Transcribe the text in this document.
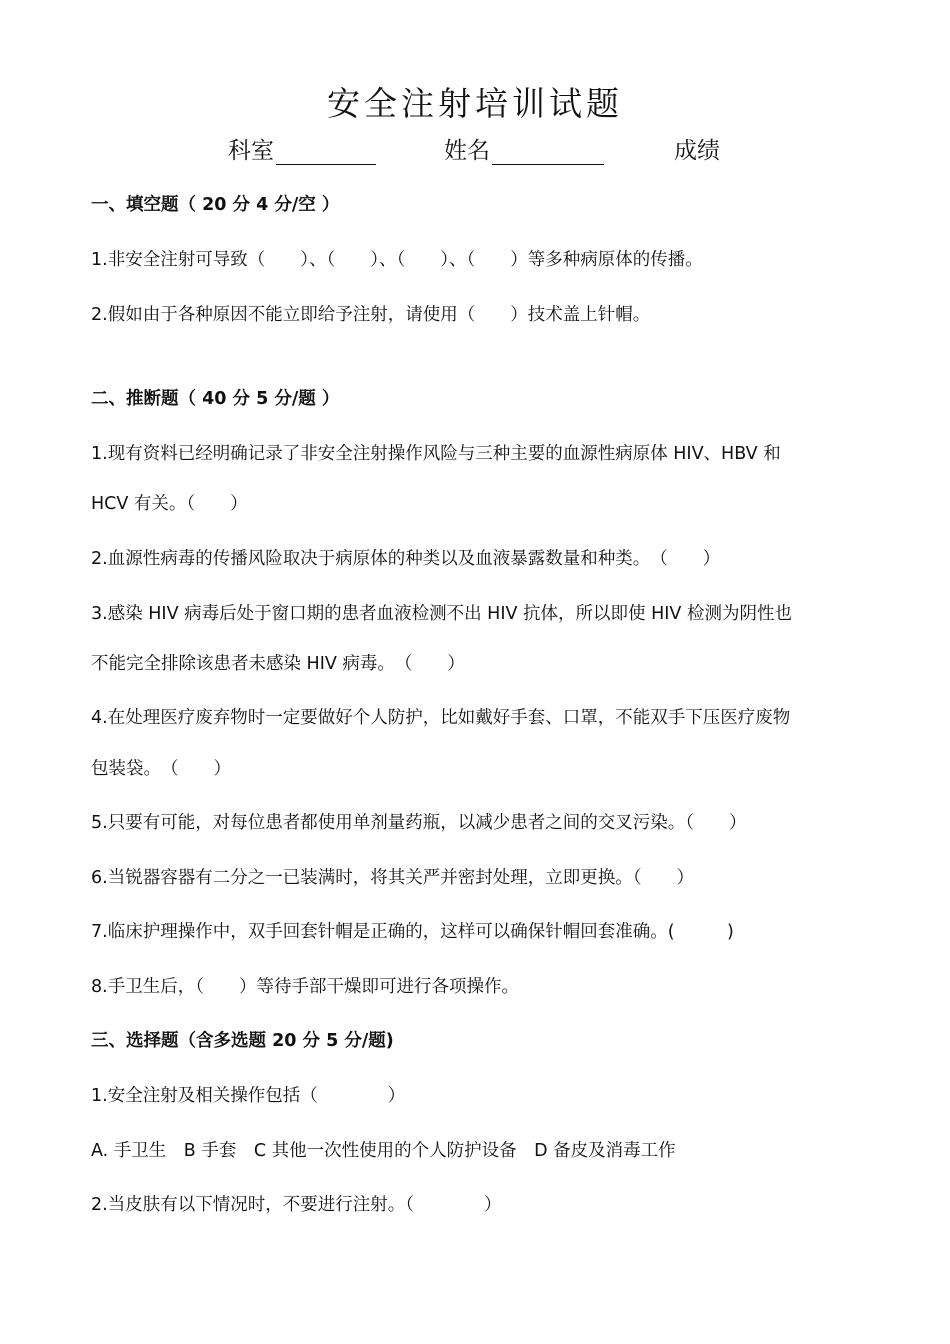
安全注射培训试题
科室	姓名	成绩
一、填空题（ 20 分 4 分/空 ）
1.非安全注射可导致（　　）、（　　）、（　　）、（　　）等多种病原体的传播。
2.假如由于各种原因不能立即给予注射，请使用（　　）技术盖上针帽。
二、推断题（ 40 分 5 分/题 ）
1.现有资料已经明确记录了非安全注射操作风险与三种主要的血源性病原体 HIV、HBV 和
HCV 有关。（　　）
2.血源性病毒的传播风险取决于病原体的种类以及血液暴露数量和种类。　（　　）
3.感染 HIV 病毒后处于窗口期的患者血液检测不出 HIV 抗体，所以即使 HIV 检测为阴性也
不能完全排除该患者未感染 HIV 病毒。　（　　）
4.在处理医疗废弃物时一定要做好个人防护，比如戴好手套、口罩，不能双手下压医疗废物
包装袋。　（　　）
5.只要有可能，对每位患者都使用单剂量药瓶，以减少患者之间的交叉污染。（　　）
6.当锐器容器有二分之一已装满时，将其关严并密封处理，立即更换。（　　）
7.临床护理操作中，双手回套针帽是正确的，这样可以确保针帽回套准确。(　　　)
8.手卫生后，（　　）等待手部干燥即可进行各项操作。
三、选择题（含多选题 20 分 5 分/题)
1.安全注射及相关操作包括（　　　　）
A. 手卫生　B 手套　C 其他一次性使用的个人防护设备　D 备皮及消毒工作
2.当皮肤有以下情况时，不要进行注射。（　　　　）
